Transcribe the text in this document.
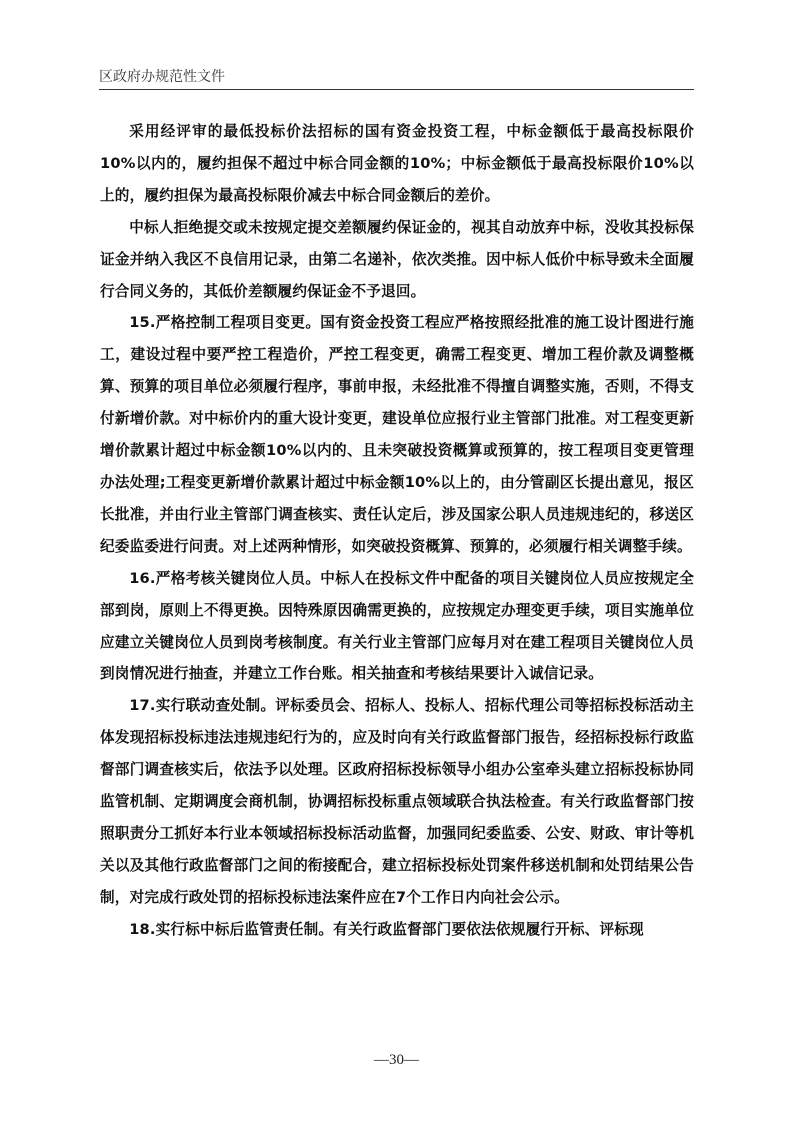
区政府办规范性文件

采用经评审的最低投标价法招标的国有资金投资工程，中标金额低于最高投标限价10%以内的，履约担保不超过中标合同金额的10%；中标金额低于最高投标限价10%以上的，履约担保为最高投标限价减去中标合同金额后的差价。

中标人拒绝提交或未按规定提交差额履约保证金的，视其自动放弃中标，没收其投标保证金并纳入我区不良信用记录，由第二名递补，依次类推。因中标人低价中标导致未全面履行合同义务的，其低价差额履约保证金不予退回。

15.严格控制工程项目变更。国有资金投资工程应严格按照经批准的施工设计图进行施工，建设过程中要严控工程造价，严控工程变更，确需工程变更、增加工程价款及调整概算、预算的项目单位必须履行程序，事前申报，未经批准不得擅自调整实施，否则，不得支付新增价款。对中标价内的重大设计变更，建设单位应报行业主管部门批准。对工程变更新增价款累计超过中标金额10%以内的、且未突破投资概算或预算的，按工程项目变更管理办法处理;工程变更新增价款累计超过中标金额10%以上的，由分管副区长提出意见，报区长批准，并由行业主管部门调查核实、责任认定后，涉及国家公职人员违规违纪的，移送区纪委监委进行问责。对上述两种情形，如突破投资概算、预算的，必须履行相关调整手续。

16.严格考核关键岗位人员。中标人在投标文件中配备的项目关键岗位人员应按规定全部到岗，原则上不得更换。因特殊原因确需更换的，应按规定办理变更手续，项目实施单位应建立关键岗位人员到岗考核制度。有关行业主管部门应每月对在建工程项目关键岗位人员到岗情况进行抽查，并建立工作台账。相关抽查和考核结果要计入诚信记录。

17.实行联动查处制。评标委员会、招标人、投标人、招标代理公司等招标投标活动主体发现招标投标违法违规违纪行为的，应及时向有关行政监督部门报告，经招标投标行政监督部门调查核实后，依法予以处理。区政府招标投标领导小组办公室牵头建立招标投标协同监管机制、定期调度会商机制，协调招标投标重点领域联合执法检查。有关行政监督部门按照职责分工抓好本行业本领域招标投标活动监督，加强同纪委监委、公安、财政、审计等机关以及其他行政监督部门之间的衔接配合，建立招标投标处罚案件移送机制和处罚结果公告制，对完成行政处罚的招标投标违法案件应在7个工作日内向社会公示。

18.实行标中标后监管责任制。有关行政监督部门要依法依规履行开标、评标现

—30—
